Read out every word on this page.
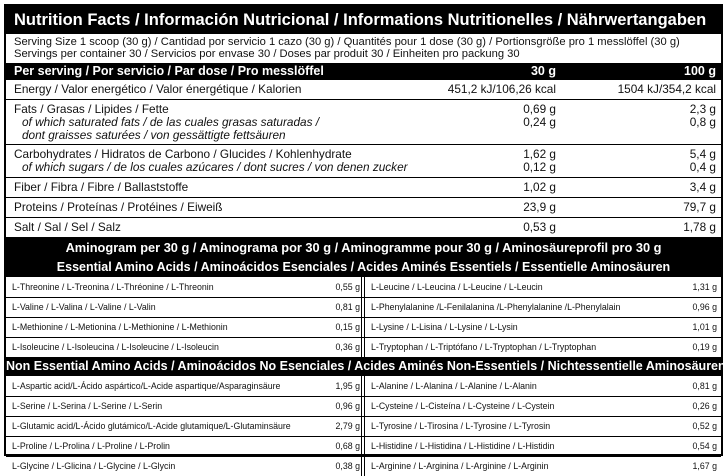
Nutrition Facts / Información Nutricional / Informations Nutritionelles / Nährwertangaben
Serving Size 1 scoop (30 g) / Cantidad por servicio 1 cazo (30 g) / Quantités pour 1 dose (30 g) / Portionsgröße pro 1 messlöffel (30 g)
Servings per container 30 / Servicios por envase 30 / Doses par produit 30 / Einheiten pro packung 30
Per serving / Por servicio / Par dose / Pro messlöffel	30 g	100 g
Energy / Valor energético / Valor énergétique / Kalorien	451,2 kJ/106,26 kcal	1504 kJ/354,2 kcal
Fats / Grasas / Lipides / Fette	0,69 g	2,3 g
of which saturated fats / de las cuales grasas saturadas /	0,24 g	0,8 g
dont graisses saturées / von gessättigte fettsäuren
Carbohydrates / Hidratos de Carbono / Glucides / Kohlenhydrate	1,62 g	5,4 g
of which sugars / de los cuales azúcares / dont sucres / von denen zucker	0,12 g	0,4 g
Fiber / Fibra / Fibre / Ballaststoffe	1,02 g	3,4 g
Proteins / Proteínas / Protéines / Eiweiß	23,9 g	79,7 g
Salt / Sal / Sel / Salz	0,53 g	1,78 g
Aminogram per 30 g / Aminograma por 30 g / Aminogramme pour 30 g / Aminosäureprofil pro 30 g
Essential Amino Acids / Aminoácidos Esenciales / Acides Aminés Essentiels / Essentielle Aminosäuren
L-Threonine / L-Treonina / L-Thréonine / L-Threonin	0,55 g L-Leucine / L-Leucina / L-Leucine / L-Leucin	1,31 g
L-Valine / L-Valina / L-Valine / L-Valin	0,81 g L-Phenylalanine /L-Fenilalanina /L-Phenylalanine /L-Phenylalain	0,96 g
L-Methionine / L-Metionina / L-Methionine / L-Methionin	0,15 g L-Lysine / L-Lisina / L-Lysine / L-Lysin	1,01 g
L-Isoleucine / L-Isoleucina / L-Isoleucine / L-Isoleucin	0,36 g L-Tryptophan / L-Triptófano / L-Tryptophan / L-Tryptophan	0,19 g
Non Essential Amino Acids / Aminoácidos No Esenciales / Acides Aminés Non-Essentiels / Nichtessentielle Aminosäuren
L-Aspartic acid/L-Ácido aspártico/L-Acide aspartique/Asparaginsäure	1,95 g L-Alanine / L-Alanina / L-Alanine / L-Alanin	0,81 g
L-Serine / L-Serina / L-Serine / L-Serin	0,96 g L-Cysteine / L-Cisteína / L-Cysteine / L-Cystein	0,26 g
L-Glutamic acid/L-Ácido glutámico/L-Acide glutamique/L-Glutaminsäure	2,79 g L-Tyrosine / L-Tirosina / L-Tyrosine / L-Tyrosin	0,52 g
L-Proline / L-Prolina / L-Proline / L-Prolin	0,68 g L-Histidine / L-Histidina / L-Histidine / L-Histidin	0,54 g
L-Glycine / L-Glicina / L-Glycine / L-Glycin	0,38 g L-Arginine / L-Arginina / L-Arginine / L-Arginin	1,67 g
